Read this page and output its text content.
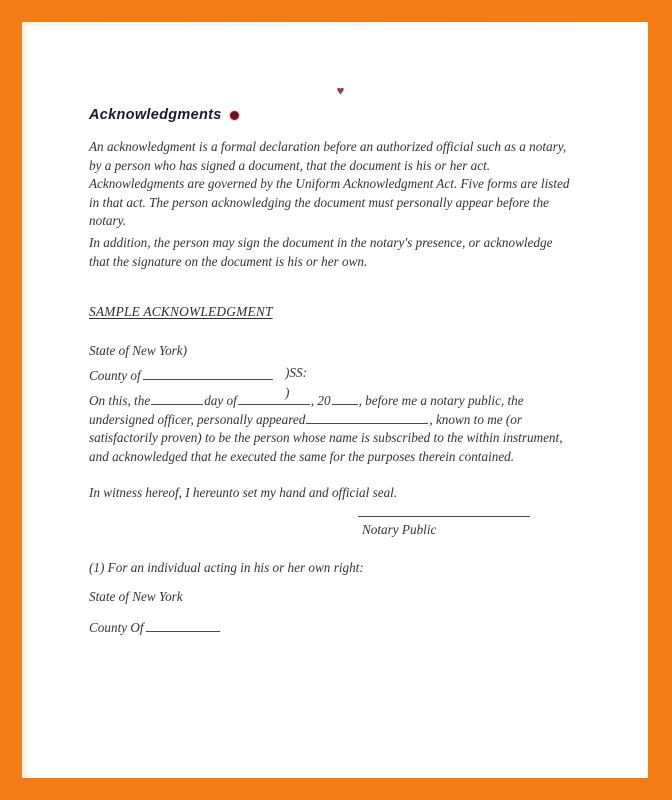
♥
Acknowledgments
An acknowledgment is a formal declaration before an authorized official such as a notary, by a person who has signed a document, that the document is his or her act. Acknowledgments are governed by the Uniform Acknowledgment Act. Five forms are listed in that act. The person acknowledging the document must personally appear before the notary.
In addition, the person may sign the document in the notary's presence, or acknowledge that the signature on the document is his or her own.
SAMPLE ACKNOWLEDGMENT
State of New York)
County of	)SS:
)
On this, the	day of	, 20 , before me a notary public, the undersigned officer, personally appeared	, known to me (or satisfactorily proven) to be the person whose name is subscribed to the within instrument, and acknowledged that he executed the same for the purposes therein contained.
In witness hereof, I hereunto set my hand and official seal.
Notary Public
(1) For an individual acting in his or her own right:
State of New York
County Of
